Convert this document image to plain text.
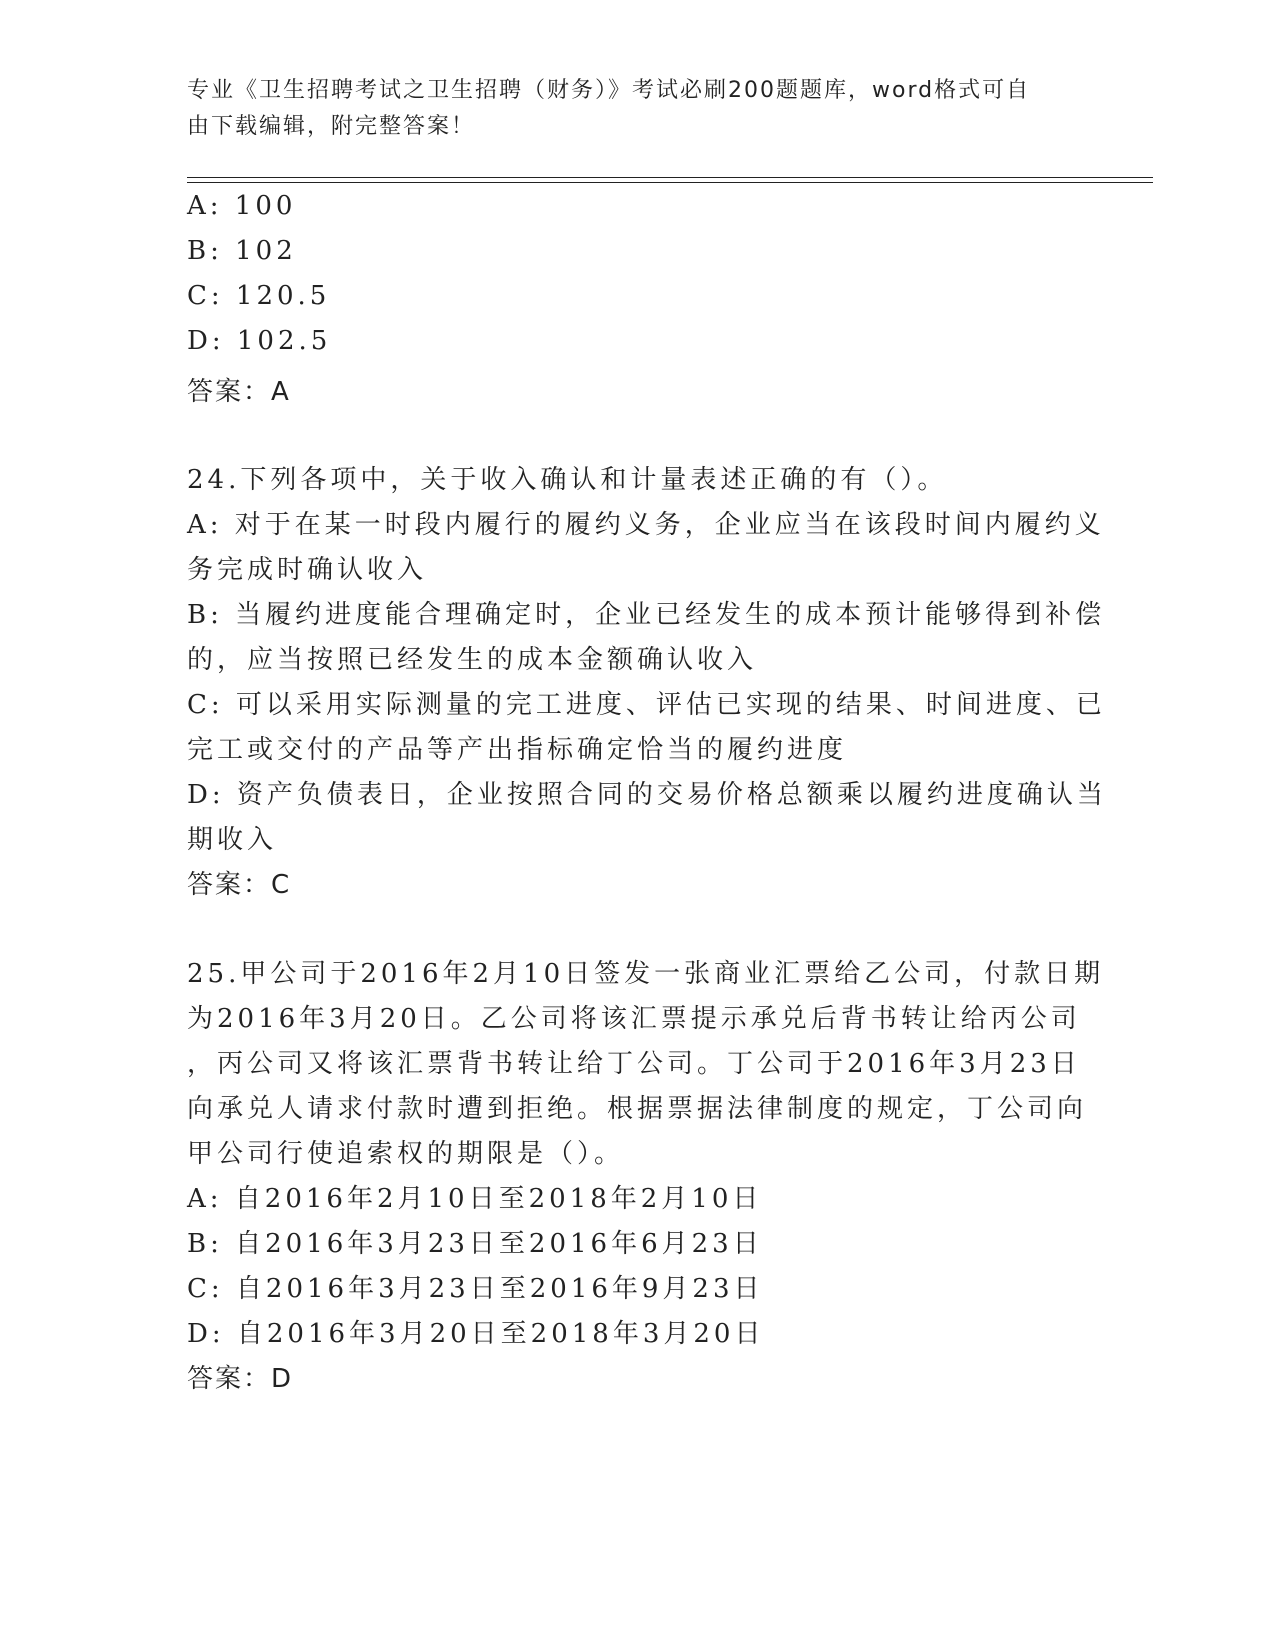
专业《卫生招聘考试之卫生招聘（财务）》考试必刷200题题库，word格式可自
由下载编辑，附完整答案！
A: 100
B: 102
C: 120.5
D: 102.5
答案：A
24.下列各项中，关于收入确认和计量表述正确的有（）。
A: 对于在某一时段内履行的履约义务，企业应当在该段时间内履约义
务完成时确认收入
B: 当履约进度能合理确定时，企业已经发生的成本预计能够得到补偿
的，应当按照已经发生的成本金额确认收入
C: 可以采用实际测量的完工进度、评估已实现的结果、时间进度、已
完工或交付的产品等产出指标确定恰当的履约进度
D: 资产负债表日，企业按照合同的交易价格总额乘以履约进度确认当
期收入
答案：C
25.甲公司于2016年2月10日签发一张商业汇票给乙公司，付款日期
为2016年3月20日。乙公司将该汇票提示承兑后背书转让给丙公司
，丙公司又将该汇票背书转让给丁公司。丁公司于2016年3月23日
向承兑人请求付款时遭到拒绝。根据票据法律制度的规定，丁公司向
甲公司行使追索权的期限是（）。
A: 自2016年2月10日至2018年2月10日
B: 自2016年3月23日至2016年6月23日
C: 自2016年3月23日至2016年9月23日
D: 自2016年3月20日至2018年3月20日
答案：D
